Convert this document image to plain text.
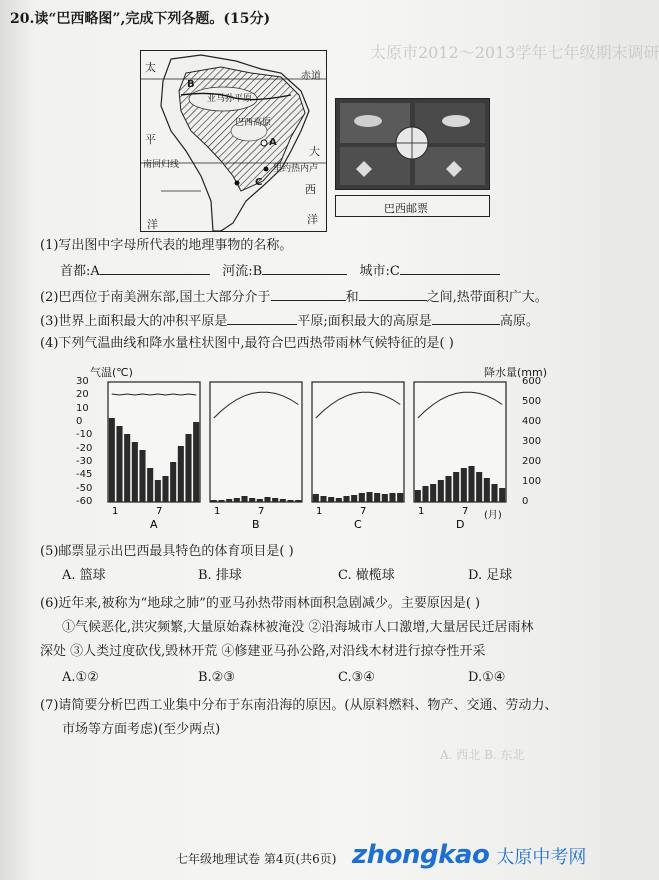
太原市2012～2013学年七年级期末调研
20.读“巴西略图”,完成下列各题。(15分)
太
平
洋
赤道
亚马孙平原
巴西高原
B
A
C
南回归线	里约热内卢
大
西
洋
巴西邮票
(1)写出图中字母所代表的地理事物的名称。
首都:A	河流:B	城市:C
(2)巴西位于南美洲东部,国土大部分介于	和	之间,热带面积广大。
(3)世界上面积最大的冲积平原是	平原;面积最大的高原是	高原。
(4)下列气温曲线和降水量柱状图中,最符合巴西热带雨林气候特征的是( )
气温(℃)	降水量(mm)
30
20
10
0
-10
-20
-30
-45
-50
-60
600
500
400
300
200
100
0
1	7
A
1	7
B
1	7
C
1	7
D
(月)
(5)邮票显示出巴西最具特色的体育项目是( )
A. 篮球	B. 排球	C. 橄榄球	D. 足球
(6)近年来,被称为“地球之肺”的亚马孙热带雨林面积急剧减少。主要原因是( )
①气候恶化,洪灾频繁,大量原始森林被淹没 ②沿海城市人口激增,大量居民迁居雨林
深处 ③人类过度砍伐,毁林开荒 ④修建亚马孙公路,对沿线木材进行掠夺性开采
A.①②	B.②③	C.③④	D.①④
(7)请简要分析巴西工业集中分布于东南沿海的原因。(从原料燃料、物产、交通、劳动力、
市场等方面考虑)(至少两点)
A. 西北 B. 东北
七年级地理试卷 第4页(共6页) zhongkao 太原中考网
